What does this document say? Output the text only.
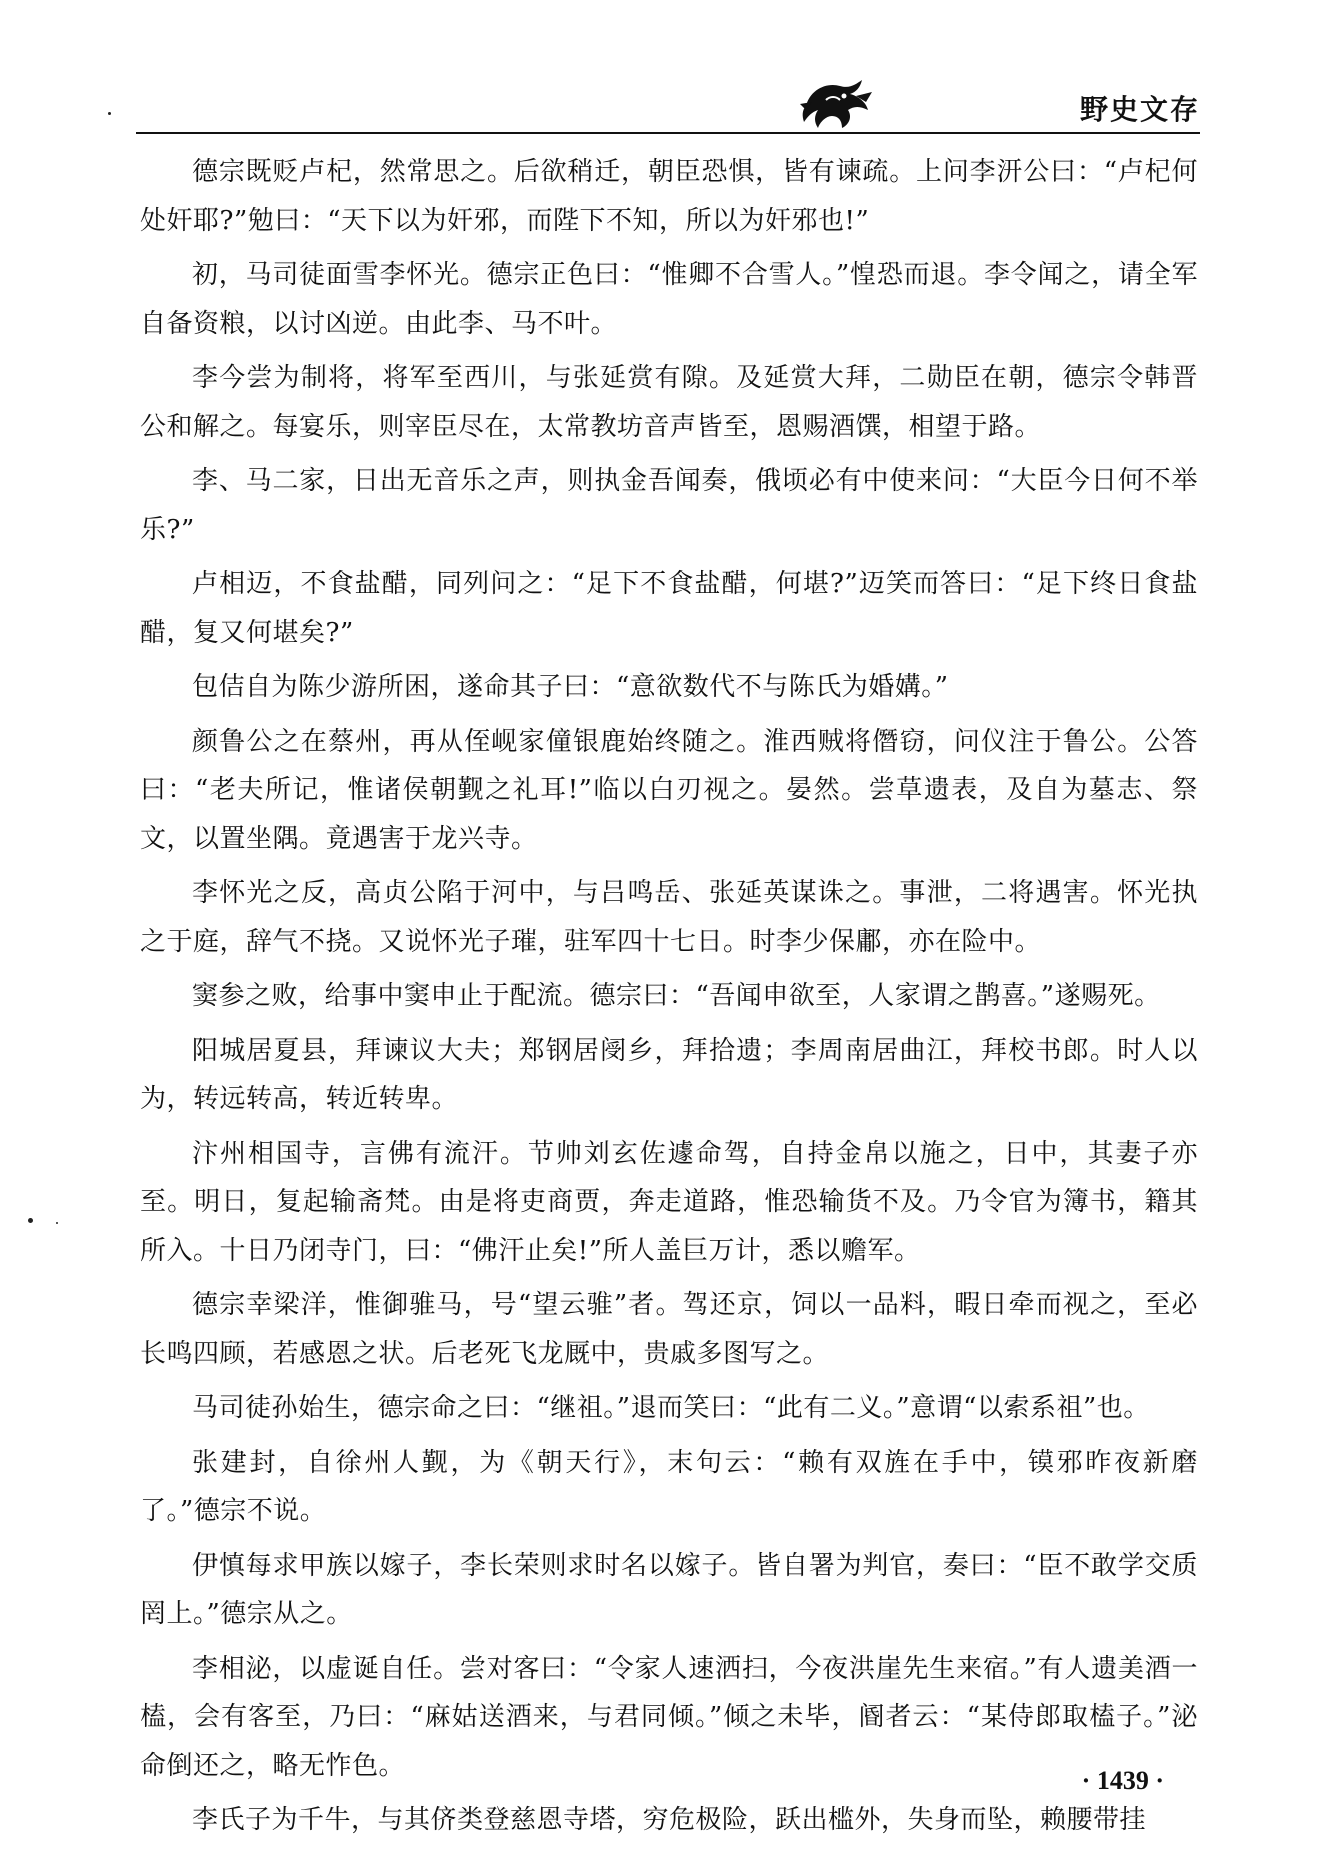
野史文存

德宗既贬卢杞，然常思之。后欲稍迁，朝臣恐惧，皆有谏疏。上问李汧公曰：“卢杞何处奸耶?”勉曰：“天下以为奸邪，而陛下不知，所以为奸邪也!”

初，马司徒面雪李怀光。德宗正色曰：“惟卿不合雪人。”惶恐而退。李令闻之，请全军自备资粮，以讨凶逆。由此李、马不叶。

李今尝为制将，将军至西川，与张延赏有隙。及延赏大拜，二勋臣在朝，德宗令韩晋公和解之。每宴乐，则宰臣尽在，太常教坊音声皆至，恩赐酒馔，相望于路。

李、马二家，日出无音乐之声，则执金吾闻奏，俄顷必有中使来问：“大臣今日何不举乐?”

卢相迈，不食盐醋，同列问之：“足下不食盐醋，何堪?”迈笑而答曰：“足下终日食盐醋，复又何堪矣?”

包佶自为陈少游所困，遂命其子曰：“意欲数代不与陈氏为婚媾。”

颜鲁公之在蔡州，再从侄岘家僮银鹿始终随之。淮西贼将僭窃，问仪注于鲁公。公答曰：“老夫所记，惟诸侯朝觐之礼耳!”临以白刃视之。晏然。尝草遗表，及自为墓志、祭文，以置坐隅。竟遇害于龙兴寺。

李怀光之反，高贞公陷于河中，与吕鸣岳、张延英谋诛之。事泄，二将遇害。怀光执之于庭，辞气不挠。又说怀光子璀，驻军四十七日。时李少保鄘，亦在险中。

窦参之败，给事中窦申止于配流。德宗曰：“吾闻申欲至，人家谓之鹊喜。”遂赐死。

阳城居夏县，拜谏议大夫；郑钢居阌乡，拜拾遗；李周南居曲江，拜校书郎。时人以为，转远转高，转近转卑。

汴州相国寺，言佛有流汗。节帅刘玄佐遽命驾，自持金帛以施之，日中，其妻子亦至。明日，复起输斋梵。由是将吏商贾，奔走道路，惟恐输货不及。乃令官为簿书，籍其所入。十日乃闭寺门，曰：“佛汗止矣!”所人盖巨万计，悉以赡军。

德宗幸梁洋，惟御骓马，号“望云骓”者。驾还京，饲以一品料，暇日牵而视之，至必长鸣四顾，若感恩之状。后老死飞龙厩中，贵戚多图写之。

马司徒孙始生，德宗命之曰：“继祖。”退而笑曰：“此有二义。”意谓“以索系祖”也。

张建封，自徐州人觐，为《朝天行》，末句云：“赖有双旌在手中，镆邪昨夜新磨了。”德宗不说。

伊慎每求甲族以嫁子，李长荣则求时名以嫁子。皆自署为判官，奏曰：“臣不敢学交质罔上。”德宗从之。

李相泌，以虚诞自任。尝对客曰：“令家人速洒扫，今夜洪崖先生来宿。”有人遗美酒一榼，会有客至，乃曰：“麻姑送酒来，与君同倾。”倾之未毕，阍者云：“某侍郎取榼子。”泌命倒还之，略无怍色。

李氏子为千牛，与其侪类登慈恩寺塔，穷危极险，跃出槛外，失身而坠，赖腰带挂

· 1439 ·
